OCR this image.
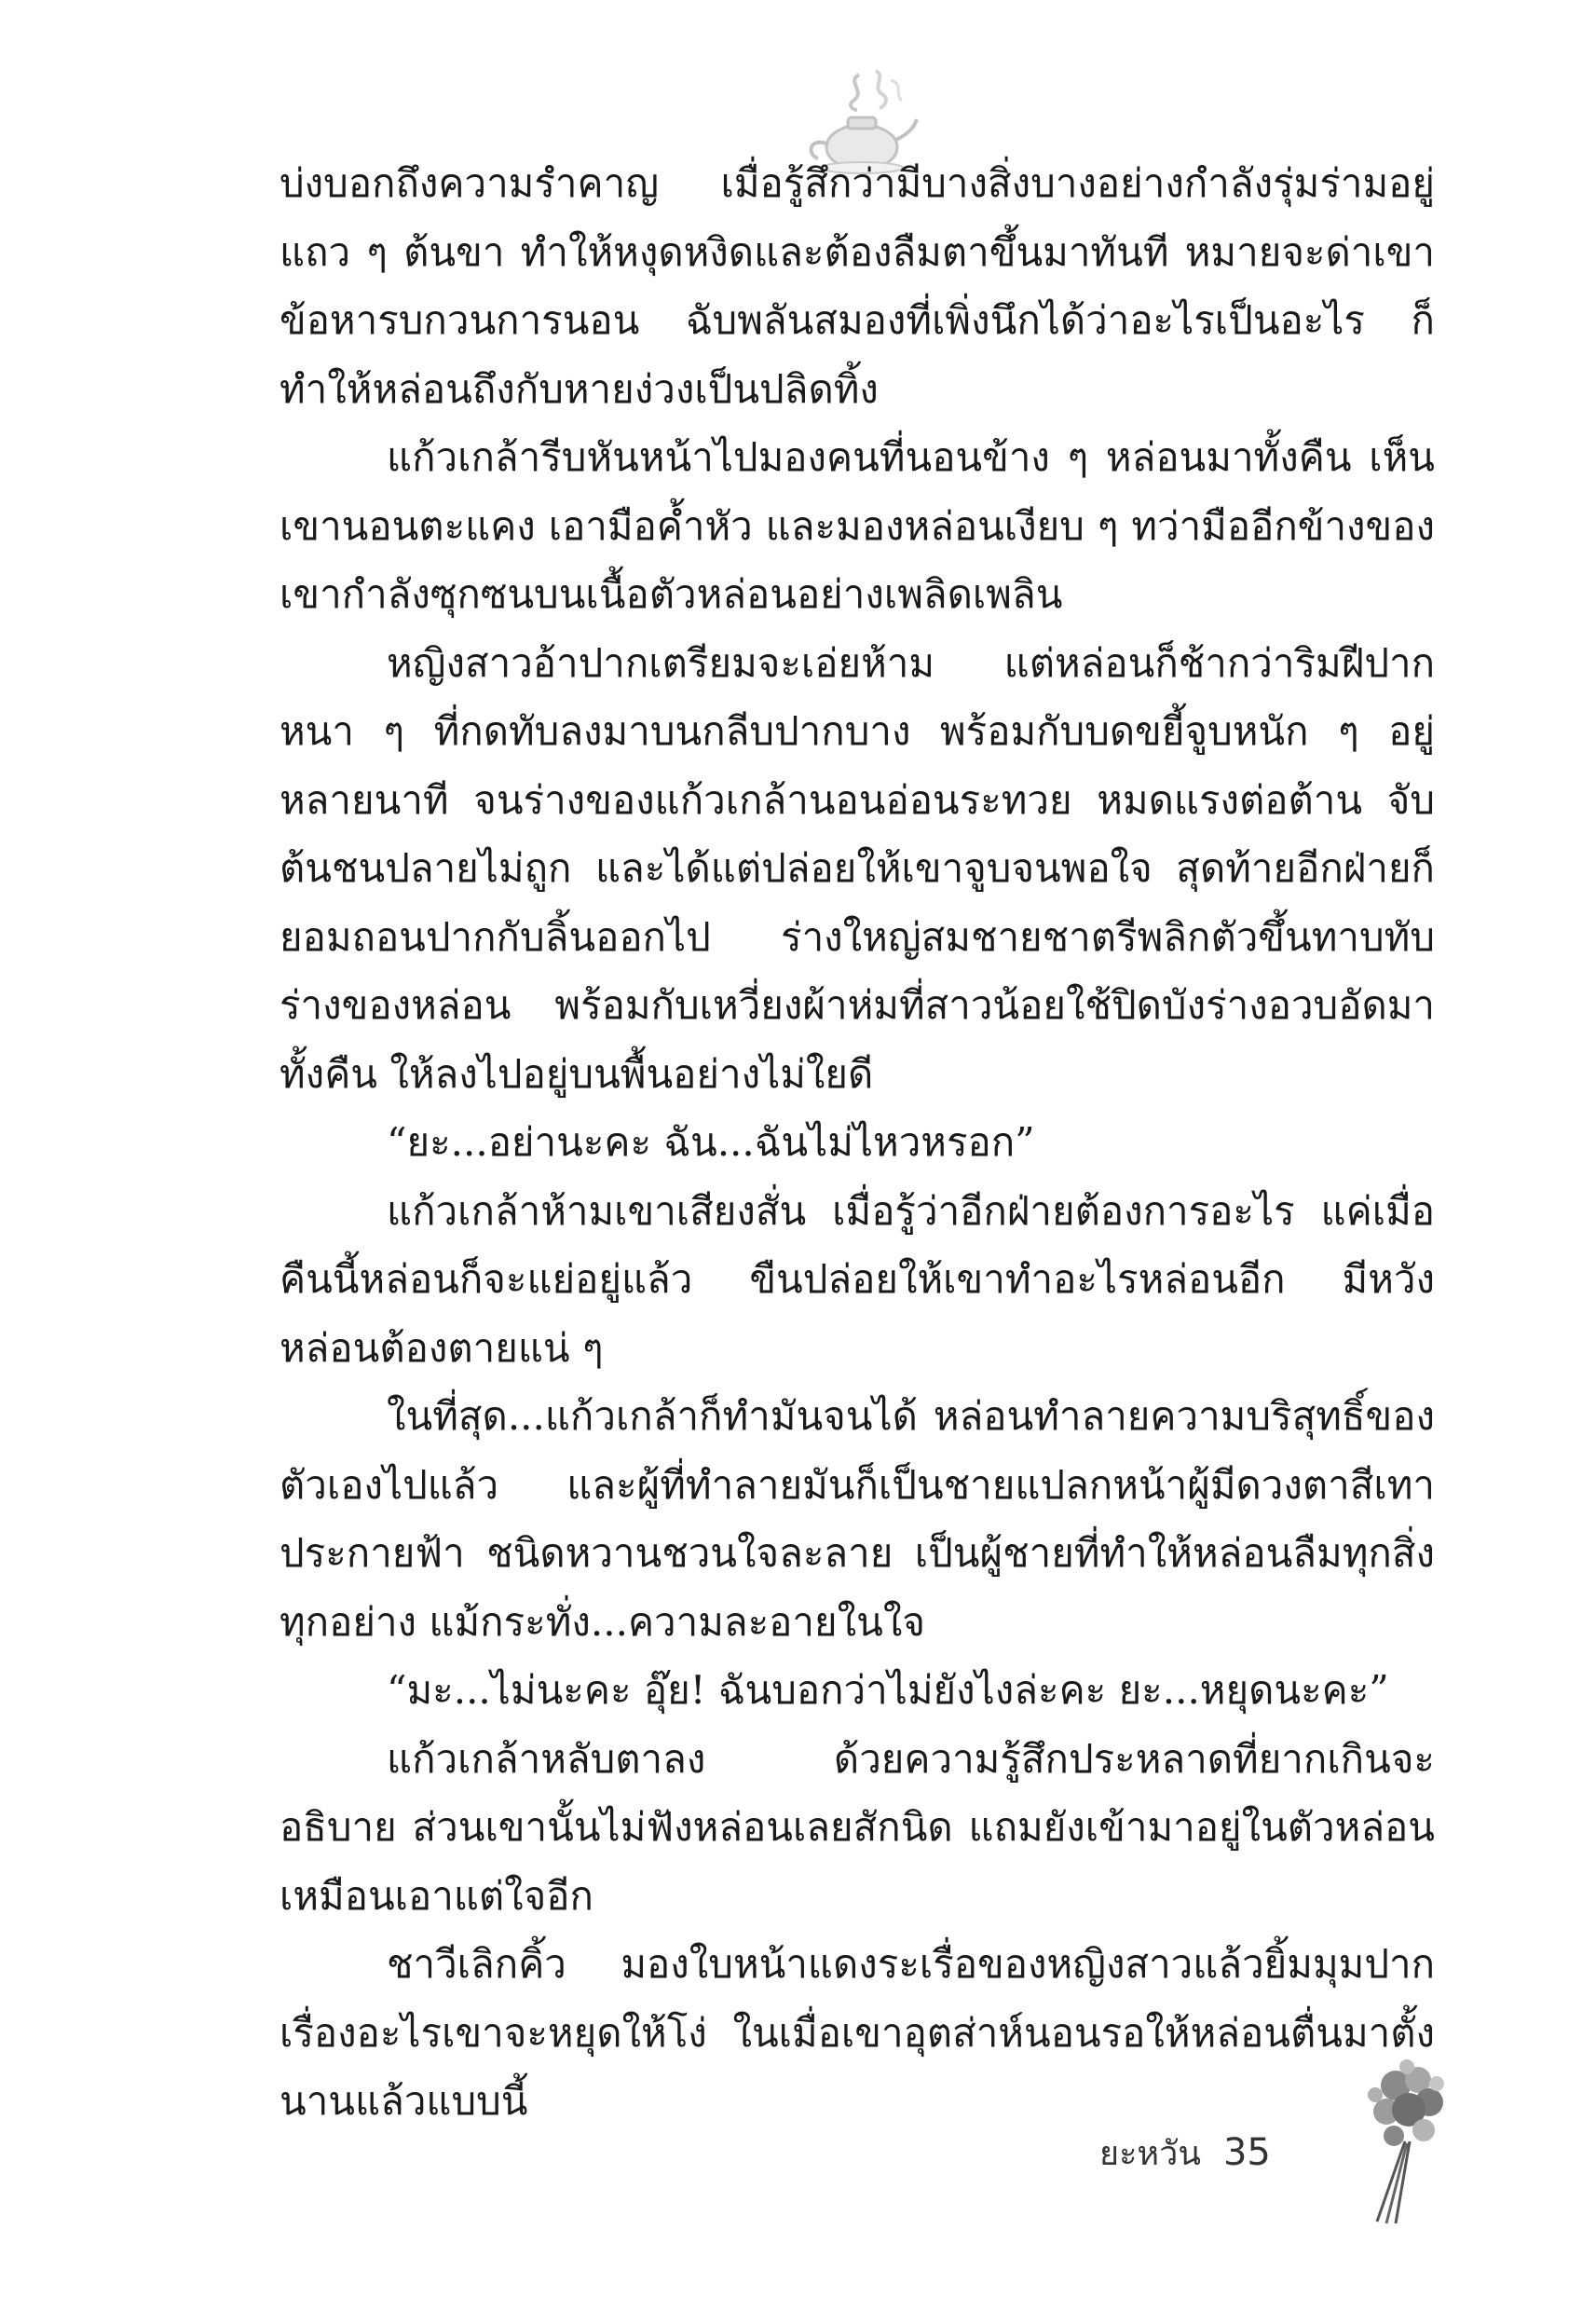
บ่งบอกถึงความรำคาญ เมื่อรู้สึกว่ามีบางสิ่งบางอย่างกำลังรุ่มร่ามอยู่แถว ๆ ต้นขา ทำให้หงุดหงิดและต้องลืมตาขึ้นมาทันที หมายจะด่าเขาข้อหารบกวนการนอน ฉับพลันสมองที่เพิ่งนึกได้ว่าอะไรเป็นอะไร ก็ทำให้หล่อนถึงกับหายง่วงเป็นปลิดทิ้ง

แก้วเกล้ารีบหันหน้าไปมองคนที่นอนข้าง ๆ หล่อนมาทั้งคืน เห็นเขานอนตะแคง เอามือค้ำหัว และมองหล่อนเงียบ ๆ ทว่ามืออีกข้างของเขากำลังซุกซนบนเนื้อตัวหล่อนอย่างเพลิดเพลิน

หญิงสาวอ้าปากเตรียมจะเอ่ยห้าม แต่หล่อนก็ช้ากว่าริมฝีปากหนา ๆ ที่กดทับลงมาบนกลีบปากบาง พร้อมกับบดขยี้จูบหนัก ๆ อยู่หลายนาที จนร่างของแก้วเกล้านอนอ่อนระทวย หมดแรงต่อต้าน จับต้นชนปลายไม่ถูก และได้แต่ปล่อยให้เขาจูบจนพอใจ สุดท้ายอีกฝ่ายก็ยอมถอนปากกับลิ้นออกไป ร่างใหญ่สมชายชาตรีพลิกตัวขึ้นทาบทับร่างของหล่อน พร้อมกับเหวี่ยงผ้าห่มที่สาวน้อยใช้ปิดบังร่างอวบอัดมาทั้งคืน ให้ลงไปอยู่บนพื้นอย่างไม่ใยดี

“ยะ...อย่านะคะ ฉัน...ฉันไม่ไหวหรอก”

แก้วเกล้าห้ามเขาเสียงสั่น เมื่อรู้ว่าอีกฝ่ายต้องการอะไร แค่เมื่อคืนนี้หล่อนก็จะแย่อยู่แล้ว ขืนปล่อยให้เขาทำอะไรหล่อนอีก มีหวังหล่อนต้องตายแน่ ๆ

ในที่สุด...แก้วเกล้าก็ทำมันจนได้ หล่อนทำลายความบริสุทธิ์ของตัวเองไปแล้ว และผู้ที่ทำลายมันก็เป็นชายแปลกหน้าผู้มีดวงตาสีเทาประกายฟ้า ชนิดหวานชวนใจละลาย เป็นผู้ชายที่ทำให้หล่อนลืมทุกสิ่งทุกอย่าง แม้กระทั่ง...ความละอายในใจ

“มะ...ไม่นะคะ อุ๊ย! ฉันบอกว่าไม่ยังไงล่ะคะ ยะ...หยุดนะคะ”

แก้วเกล้าหลับตาลง ด้วยความรู้สึกประหลาดที่ยากเกินจะอธิบาย ส่วนเขานั้นไม่ฟังหล่อนเลยสักนิด แถมยังเข้ามาอยู่ในตัวหล่อนเหมือนเอาแต่ใจอีก

ชาวีเลิกคิ้ว มองใบหน้าแดงระเรื่อของหญิงสาวแล้วยิ้มมุมปาก เรื่องอะไรเขาจะหยุดให้โง่ ในเมื่อเขาอุตส่าห์นอนรอให้หล่อนตื่นมาตั้งนานแล้วแบบนี้

ยะหวัน 35
